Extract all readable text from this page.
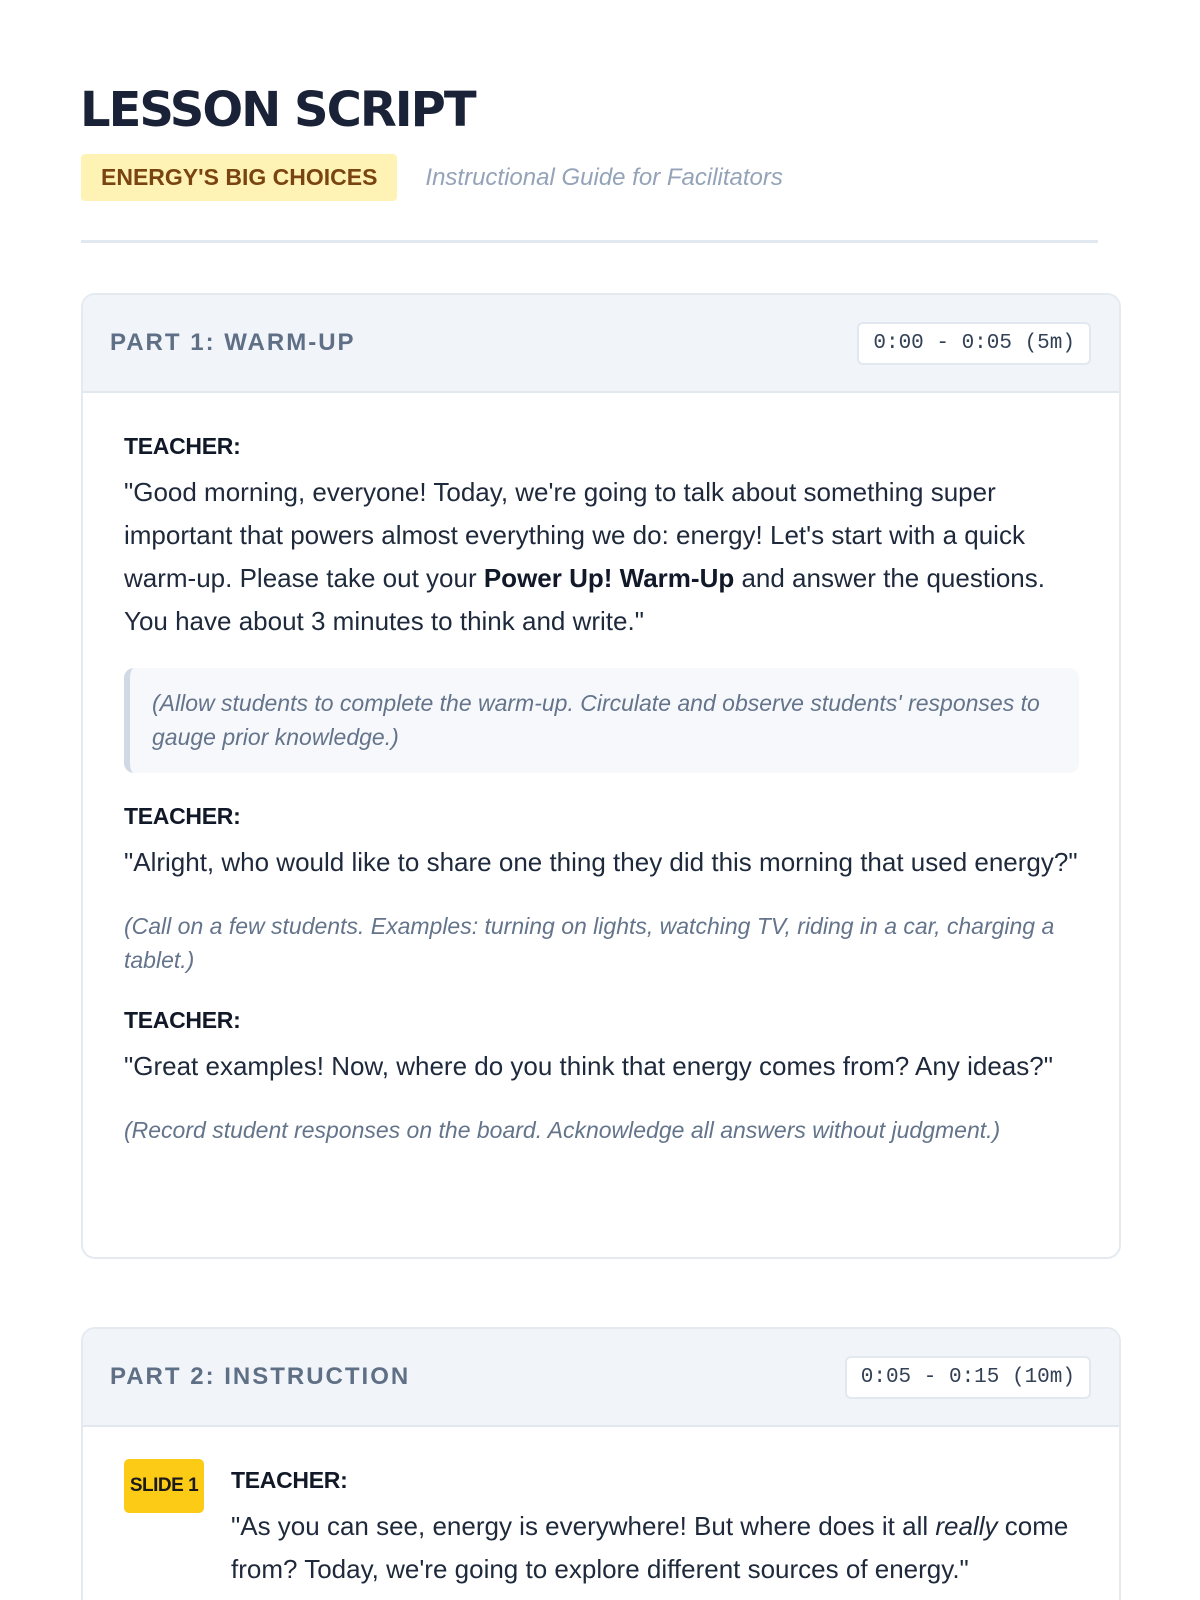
LESSON SCRIPT
ENERGY'S BIG CHOICES	Instructional Guide for Facilitators
PART 1: WARM-UP	0:00 - 0:05 (5m)
TEACHER:

"Good morning, everyone! Today, we're going to talk about something super important that powers almost everything we do: energy! Let's start with a quick warm-up. Please take out your Power Up! Warm-Up and answer the questions. You have about 3 minutes to think and write."

(Allow students to complete the warm-up. Circulate and observe students' responses to gauge prior knowledge.)
TEACHER:

"Alright, who would like to share one thing they did this morning that used energy?"

(Call on a few students. Examples: turning on lights, watching TV, riding in a car, charging a tablet.)

TEACHER:

"Great examples! Now, where do you think that energy comes from? Any ideas?"

(Record student responses on the board. Acknowledge all answers without judgment.)

PART 2: INSTRUCTION	0:05 - 0:15 (10m)
SLIDE 1 TEACHER:

"As you can see, energy is everywhere! But where does it all really come from? Today, we're going to explore different sources of energy."
